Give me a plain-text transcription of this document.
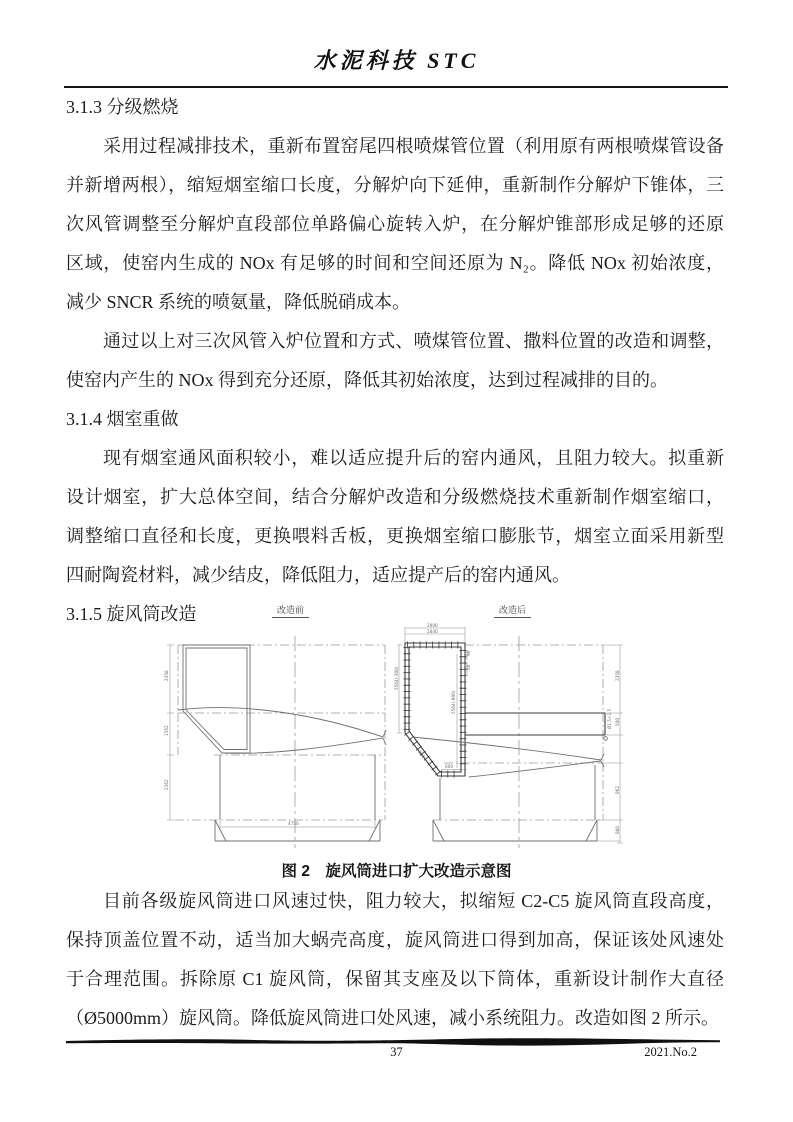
水泥科技 STC
3.1.3 分级燃烧
采用过程减排技术，重新布置窑尾四根喷煤管位置（利用原有两根喷煤管设备
并新增两根），缩短烟室缩口长度，分解炉向下延伸，重新制作分解炉下锥体，三
次风管调整至分解炉直段部位单路偏心旋转入炉，在分解炉锥部形成足够的还原
区域，使窑内生成的 NOx 有足够的时间和空间还原为 N₂。降低 NOx 初始浓度，
减少 SNCR 系统的喷氨量，降低脱硝成本。
通过以上对三次风管入炉位置和方式、喷煤管位置、撒料位置的改造和调整，
使窑内产生的 NOx 得到充分还原，降低其初始浓度，达到过程减排的目的。
3.1.4 烟室重做
现有烟室通风面积较小，难以适应提升后的窑内通风，且阻力较大。拟重新
设计烟室，扩大总体空间，结合分解炉改造和分级燃烧技术重新制作烟室缩口，
调整缩口直径和长度，更换喂料舌板，更换烟室缩口膨胀节，烟室立面采用新型
四耐陶瓷材料，减少结皮，降低阻力，适应提产后的窑内通风。
3.1.5 旋风筒改造
2358
1562
2362
4750
2900
2840
5504(-300)
5504(-900)
90
50
800
600
Ø1.5×1.5
2358
500
962
980
改造前	改造后
图 2　旋风筒进口扩大改造示意图
目前各级旋风筒进口风速过快，阻力较大，拟缩短 C2-C5 旋风筒直段高度，
保持顶盖位置不动，适当加大蜗壳高度，旋风筒进口得到加高，保证该处风速处
于合理范围。拆除原 C1 旋风筒，保留其支座及以下筒体，重新设计制作大直径
（Ø5000mm）旋风筒。降低旋风筒进口处风速，减小系统阻力。改造如图 2 所示。
37	2021.No.2
